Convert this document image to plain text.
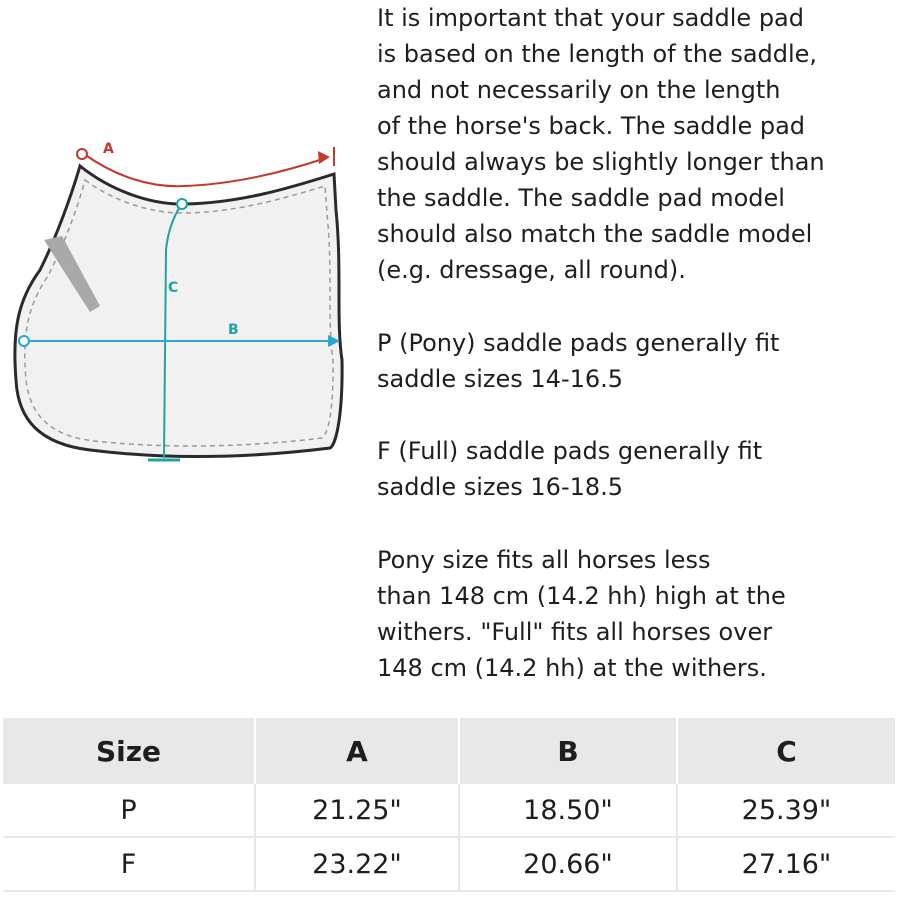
A
C
B

It is important that your saddle pad
is based on the length of the saddle,
and not necessarily on the length
of the horse's back. The saddle pad
should always be slightly longer than
the saddle. The saddle pad model
should also match the saddle model
(e.g. dressage, all round).

P (Pony) saddle pads generally fit
saddle sizes 14-16.5

F (Full) saddle pads generally fit
saddle sizes 16-18.5

Pony size fits all horses less
than 148 cm (14.2 hh) high at the
withers. "Full" fits all horses over
148 cm (14.2 hh) at the withers.

Size	A	B	C
P	21.25"	18.50"	25.39"
F	23.22"	20.66"	27.16"
